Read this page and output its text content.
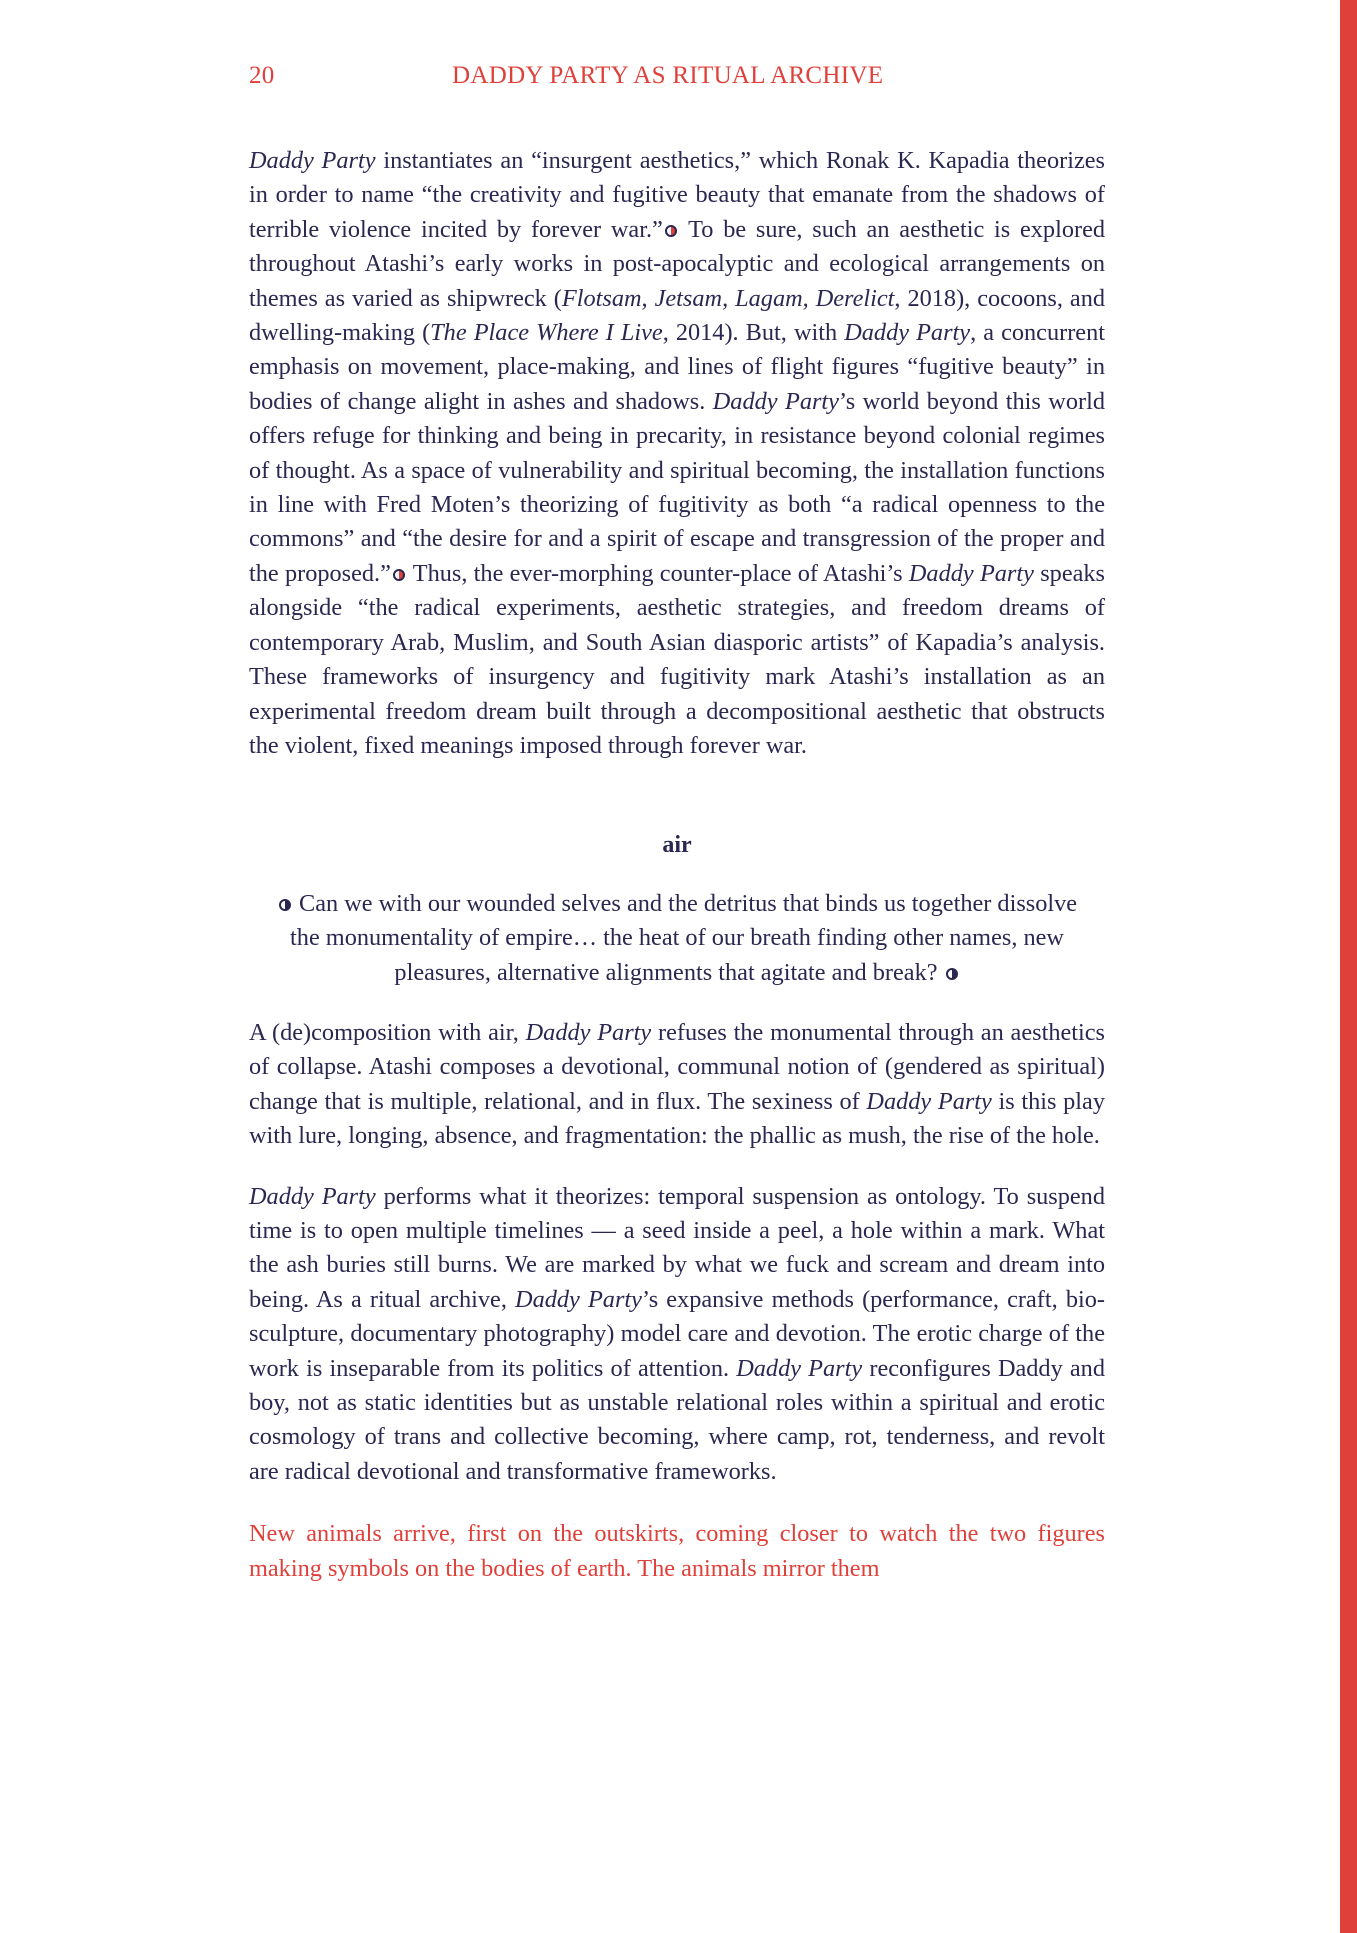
20	DADDY PARTY AS RITUAL ARCHIVE

Daddy Party instantiates an “insurgent aesthetics,” which Ronak K. Kapadia theorizes in order to name “the creativity and fugitive beauty that emanate from the shadows of terrible violence incited by forever war.” To be sure, such an aesthetic is explored throughout Atashi’s early works in post-apocalyptic and ecological arrangements on themes as varied as shipwreck (Flotsam, Jetsam, Lagam, Derelict, 2018), cocoons, and dwelling-making (The Place Where I Live, 2014). But, with Daddy Party, a concurrent emphasis on movement, place-making, and lines of flight figures “fugitive beauty” in bodies of change alight in ashes and shadows. Daddy Party’s world beyond this world offers refuge for thinking and being in precarity, in resistance beyond colonial regimes of thought. As a space of vulnerability and spiritual becoming, the installation functions in line with Fred Moten’s theorizing of fugitivity as both “a radical openness to the commons” and “the desire for and a spirit of escape and transgression of the proper and the proposed.” Thus, the ever-morphing counter-place of Atashi’s Daddy Party speaks alongside “the radical experiments, aesthetic strategies, and freedom dreams of contemporary Arab, Muslim, and South Asian diasporic artists” of Kapadia’s analysis. These frameworks of insurgency and fugitivity mark Atashi’s installation as an experimental freedom dream built through a decompositional aesthetic that obstructs the violent, fixed meanings imposed through forever war.

air

Can we with our wounded selves and the detritus that binds us together dissolve the monumentality of empire… the heat of our breath finding other names, new pleasures, alternative alignments that agitate and break?

A (de)composition with air, Daddy Party refuses the monumental through an aesthetics of collapse. Atashi composes a devotional, communal notion of (gendered as spiritual) change that is multiple, relational, and in flux. The sexiness of Daddy Party is this play with lure, longing, absence, and fragmentation: the phallic as mush, the rise of the hole.

Daddy Party performs what it theorizes: temporal suspension as ontology. To suspend time is to open multiple timelines — a seed inside a peel, a hole within a mark. What the ash buries still burns. We are marked by what we fuck and scream and dream into being. As a ritual archive, Daddy Party’s expansive methods (performance, craft, bio-sculpture, documentary photography) model care and devotion. The erotic charge of the work is inseparable from its politics of attention. Daddy Party reconfigures Daddy and boy, not as static identities but as unstable relational roles within a spiritual and erotic cosmology of trans and collective becoming, where camp, rot, tenderness, and revolt are radical devotional and transformative frameworks.

New animals arrive, first on the outskirts, coming closer to watch the two figures making symbols on the bodies of earth. The animals mirror them
